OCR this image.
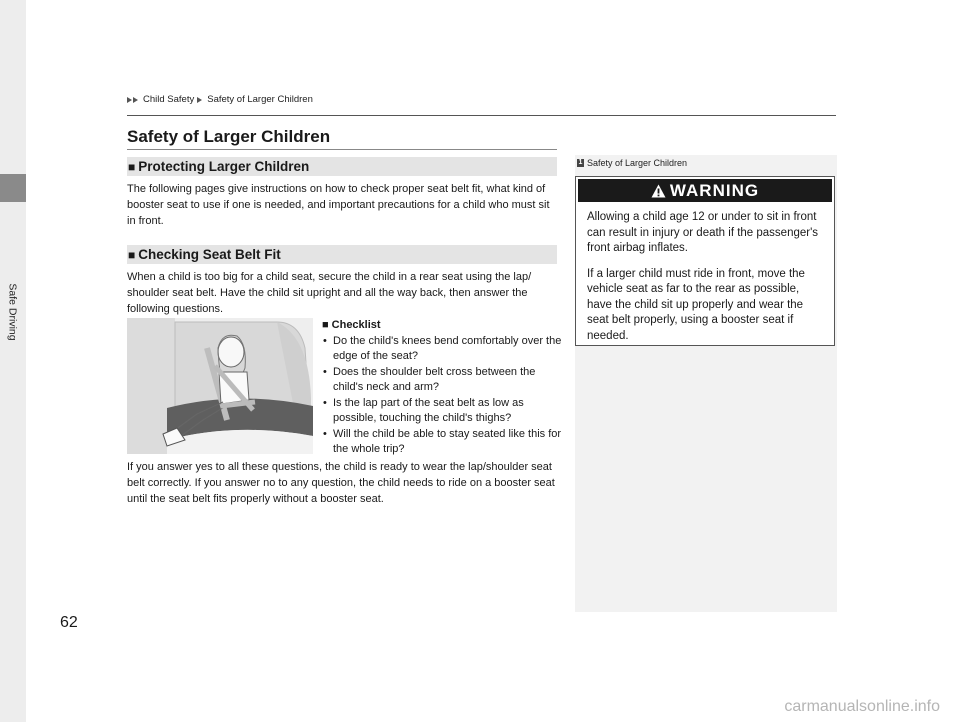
Safe Driving
Child Safety Safety of Larger Children
Safety of Larger Children
■ Protecting Larger Children
The following pages give instructions on how to check proper seat belt fit, what kind of booster seat to use if one is needed, and important precautions for a child who must sit in front.
■ Checking Seat Belt Fit
When a child is too big for a child seat, secure the child in a rear seat using the lap/ shoulder seat belt. Have the child sit upright and all the way back, then answer the following questions.
■ Checklist
• Do the child's knees bend comfortably over the edge of the seat?
• Does the shoulder belt cross between the child's neck and arm?
• Is the lap part of the seat belt as low as possible, touching the child's thighs?
• Will the child be able to stay seated like this for the whole trip?
If you answer yes to all these questions, the child is ready to wear the lap/shoulder seat belt correctly. If you answer no to any question, the child needs to ride on a booster seat until the seat belt fits properly without a booster seat.
1 Safety of Larger Children
WARNING

Allowing a child age 12 or under to sit in front can result in injury or death if the passenger's front airbag inflates.

If a larger child must ride in front, move the vehicle seat as far to the rear as possible, have the child sit up properly and wear the seat belt properly, using a booster seat if needed.

62
carmanualsonline.info
